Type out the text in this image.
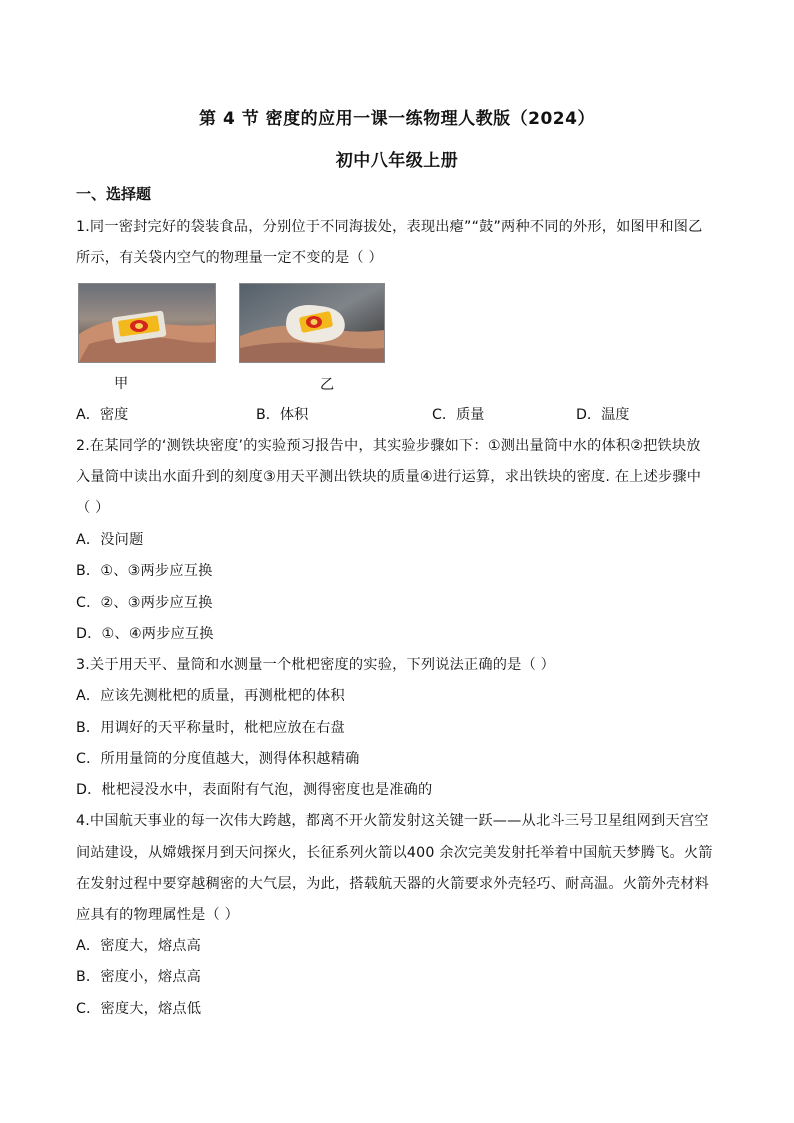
第 4 节 密度的应用一课一练物理人教版（2024）
初中八年级上册
一、选择题
1.同一密封完好的袋装食品，分别位于不同海拔处，表现出瘪”“鼓”两种不同的外形，如图甲和图乙
所示，有关袋内空气的物理量一定不变的是（ ）
甲	乙
A．密度	B．体积	C．质量	D．温度
2.在某同学的‘测铁块密度’的实验预习报告中，其实验步骤如下：①测出量筒中水的体积②把铁块放
入量筒中读出水面升到的刻度③用天平测出铁块的质量④进行运算，求出铁块的密度. 在上述步骤中
（ ）
A．没问题
B．①、③两步应互换
C．②、③两步应互换
D．①、④两步应互换
3.关于用天平、量筒和水测量一个枇杷密度的实验，下列说法正确的是（ ）
A．应该先测枇杷的质量，再测枇杷的体积
B．用调好的天平称量时，枇杷应放在右盘
C．所用量筒的分度值越大，测得体积越精确
D．枇杷浸没水中，表面附有气泡，测得密度也是准确的
4.中国航天事业的每一次伟大跨越，都离不开火箭发射这关键一跃——从北斗三号卫星组网到天宫空
间站建设，从嫦娥探月到天问探火，长征系列火箭以400 余次完美发射托举着中国航天梦腾飞。火箭
在发射过程中要穿越稠密的大气层，为此，搭载航天器的火箭要求外壳轻巧、耐高温。火箭外壳材料
应具有的物理属性是（ ）
A．密度大，熔点高
B．密度小，熔点高
C．密度大，熔点低
